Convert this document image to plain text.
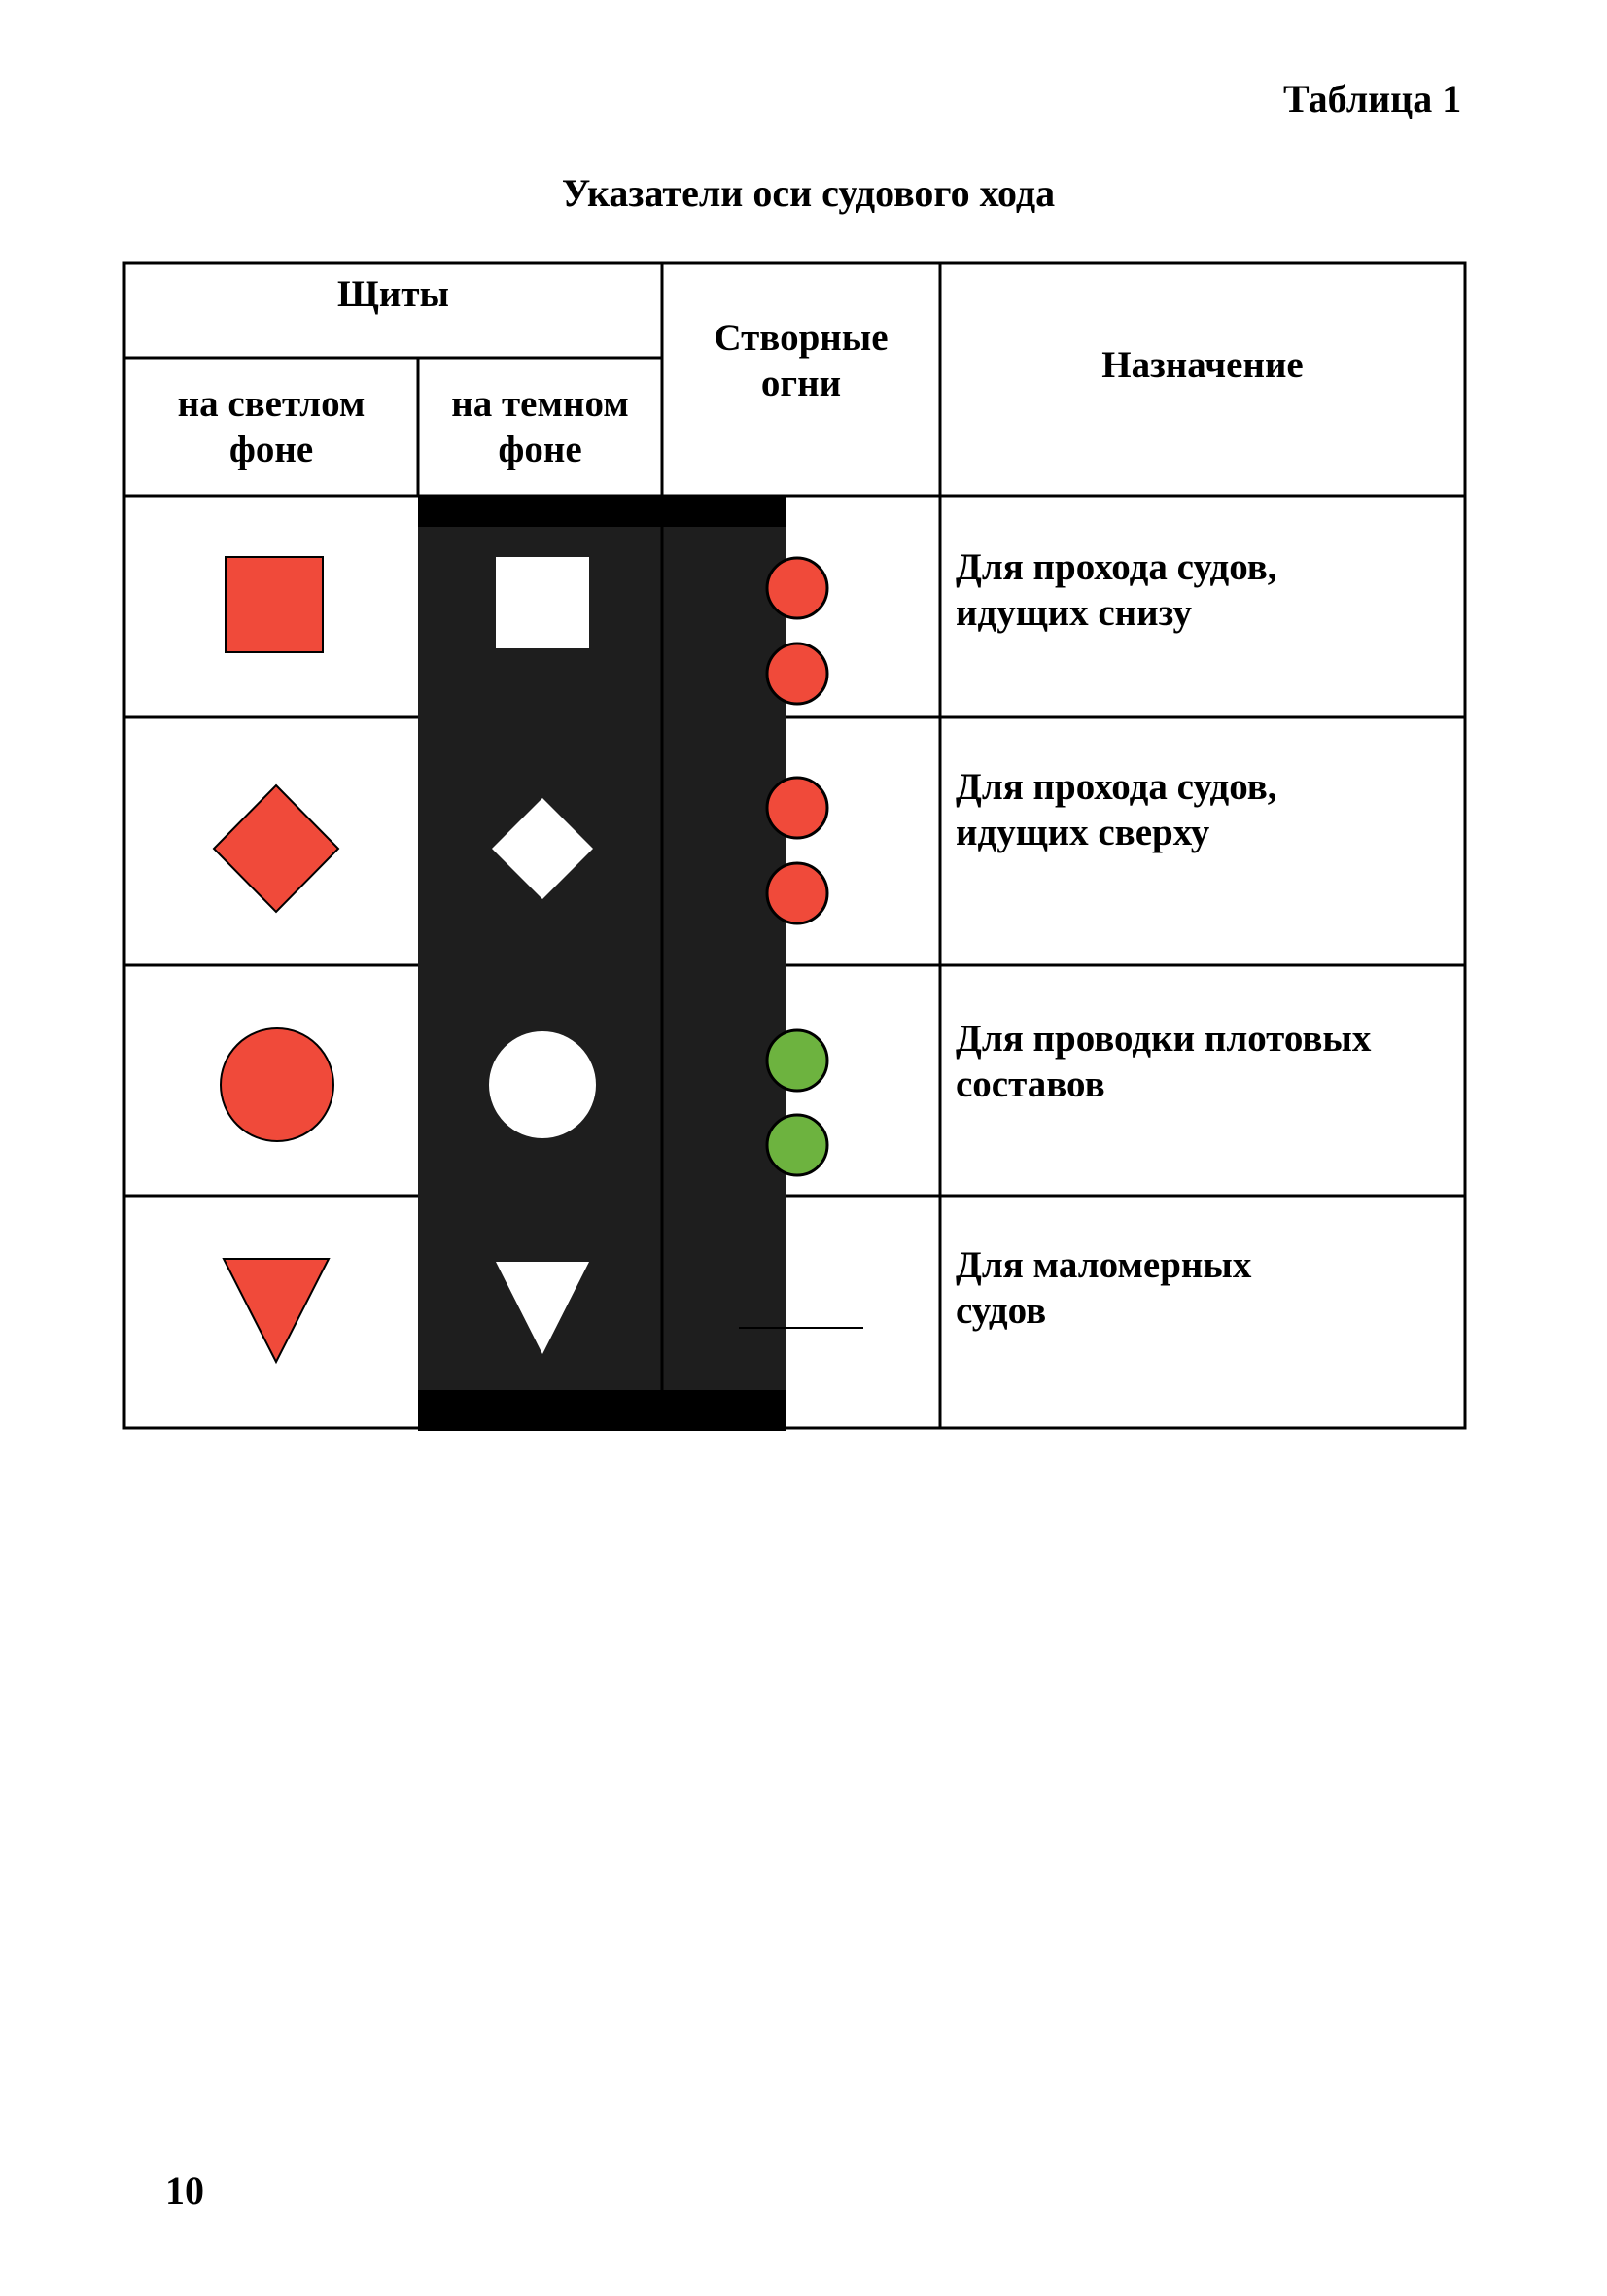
Таблица 1
Указатели оси судового хода
Щиты
на светлом
фоне
на темном
фоне
Створные
огни	Назначение
Для прохода судов,
идущих снизу
Для прохода судов,
идущих сверху
Для проводки плотовых
составов
Для маломерных
судов
10
